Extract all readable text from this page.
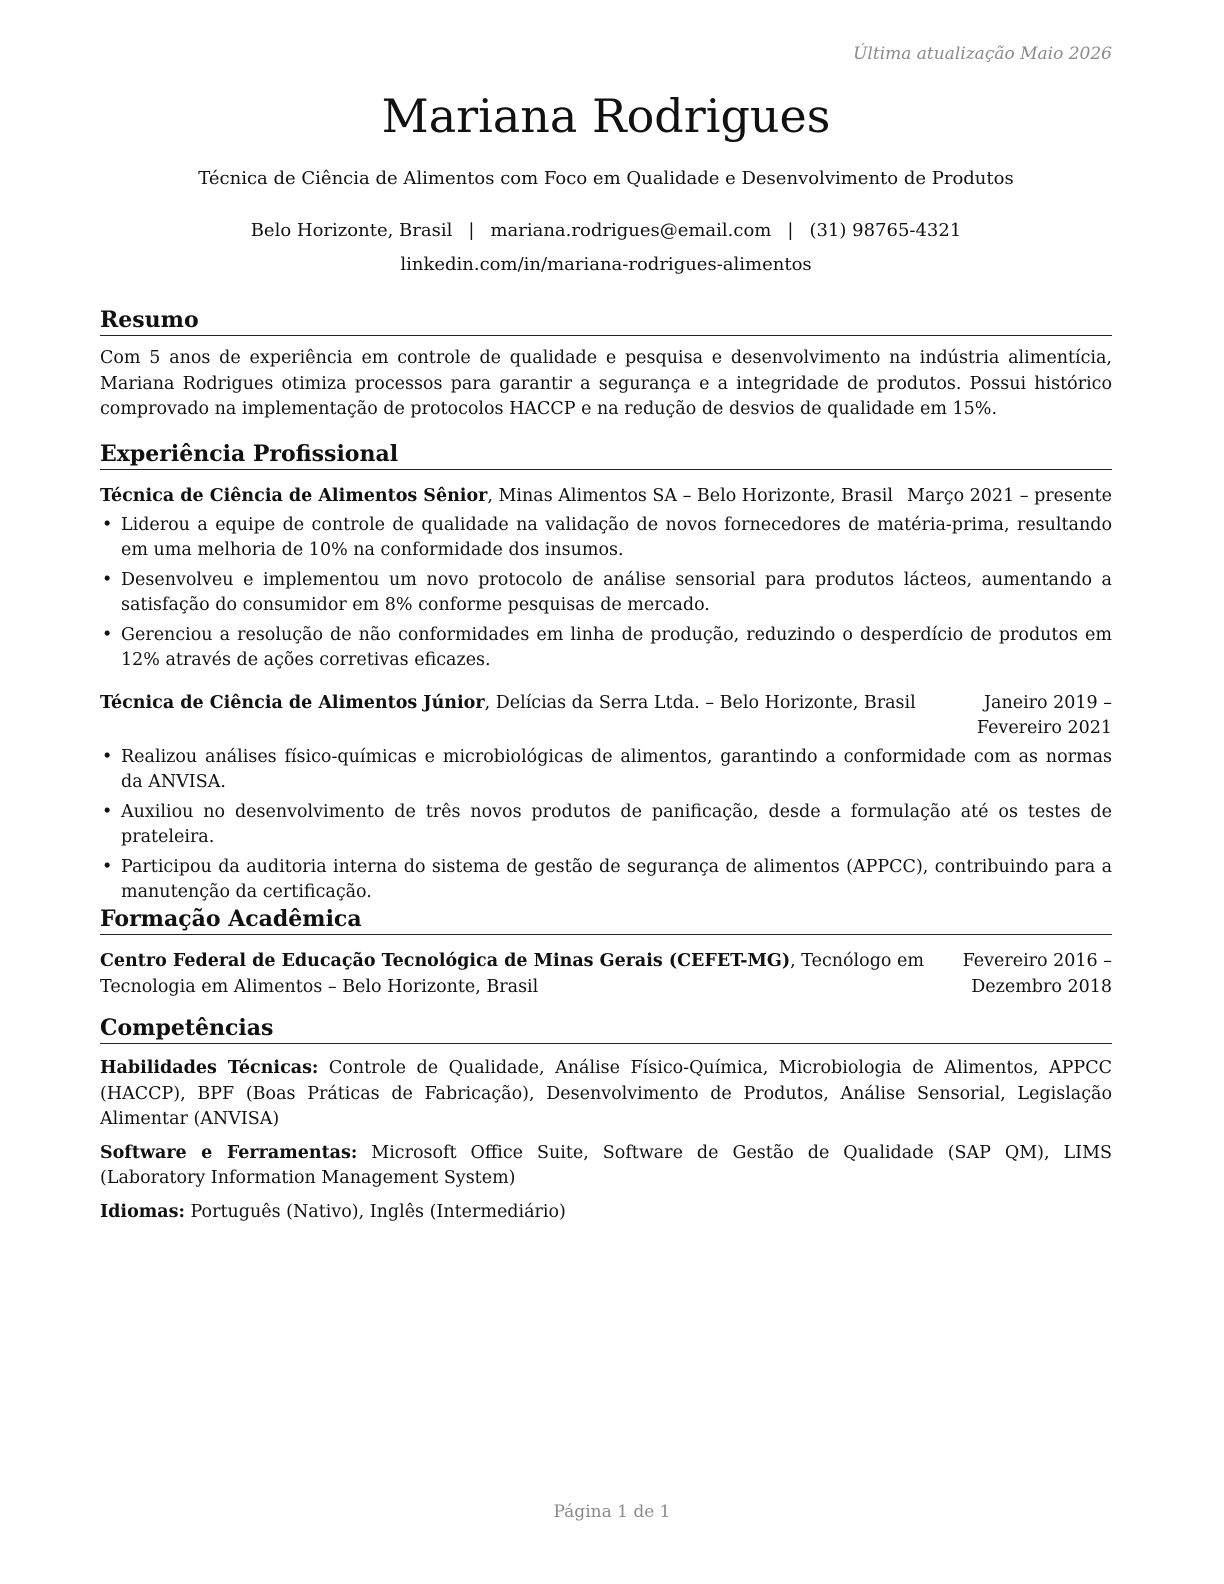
Última atualização Maio 2026
Mariana Rodrigues
Técnica de Ciência de Alimentos com Foco em Qualidade e Desenvolvimento de Produtos
Belo Horizonte, Brasil | mariana.rodrigues@email.com | (31) 98765-4321
linkedin.com/in/mariana-rodrigues-alimentos
Resumo
Com 5 anos de experiência em controle de qualidade e pesquisa e desenvolvimento na indústria alimentícia, Mariana Rodrigues otimiza processos para garantir a segurança e a integridade de produtos. Possui histórico comprovado na implementação de protocolos HACCP e na redução de desvios de qualidade em 15%.
Experiência Profissional
Técnica de Ciência de Alimentos Sênior, Minas Alimentos SA – Belo Horizonte, Brasil Março 2021 – presente
• Liderou a equipe de controle de qualidade na validação de novos fornecedores de matéria-prima, resultando em uma melhoria de 10% na conformidade dos insumos.
• Desenvolveu e implementou um novo protocolo de análise sensorial para produtos lácteos, aumentando a satisfação do consumidor em 8% conforme pesquisas de mercado.
• Gerenciou a resolução de não conformidades em linha de produção, reduzindo o desperdício de produtos em 12% através de ações corretivas eficazes.
Técnica de Ciência de Alimentos Júnior, Delícias da Serra Ltda. – Belo Horizonte, Brasil	Janeiro 2019 – Fevereiro 2021
• Realizou análises físico-químicas e microbiológicas de alimentos, garantindo a conformidade com as normas da ANVISA.
• Auxiliou no desenvolvimento de três novos produtos de panificação, desde a formulação até os testes de prateleira.
• Participou da auditoria interna do sistema de gestão de segurança de alimentos (APPCC), contribuindo para a manutenção da certificação.
Formação Acadêmica
Centro Federal de Educação Tecnológica de Minas Gerais (CEFET-MG), Tecnólogo em Tecnologia em Alimentos – Belo Horizonte, Brasil
Fevereiro 2016 – Dezembro 2018
Competências
Habilidades Técnicas: Controle de Qualidade, Análise Físico-Química, Microbiologia de Alimentos, APPCC (HACCP), BPF (Boas Práticas de Fabricação), Desenvolvimento de Produtos, Análise Sensorial, Legislação Alimentar (ANVISA)
Software e Ferramentas: Microsoft Office Suite, Software de Gestão de Qualidade (SAP QM), LIMS (Laboratory Information Management System)
Idiomas: Português (Nativo), Inglês (Intermediário)
Página 1 de 1
